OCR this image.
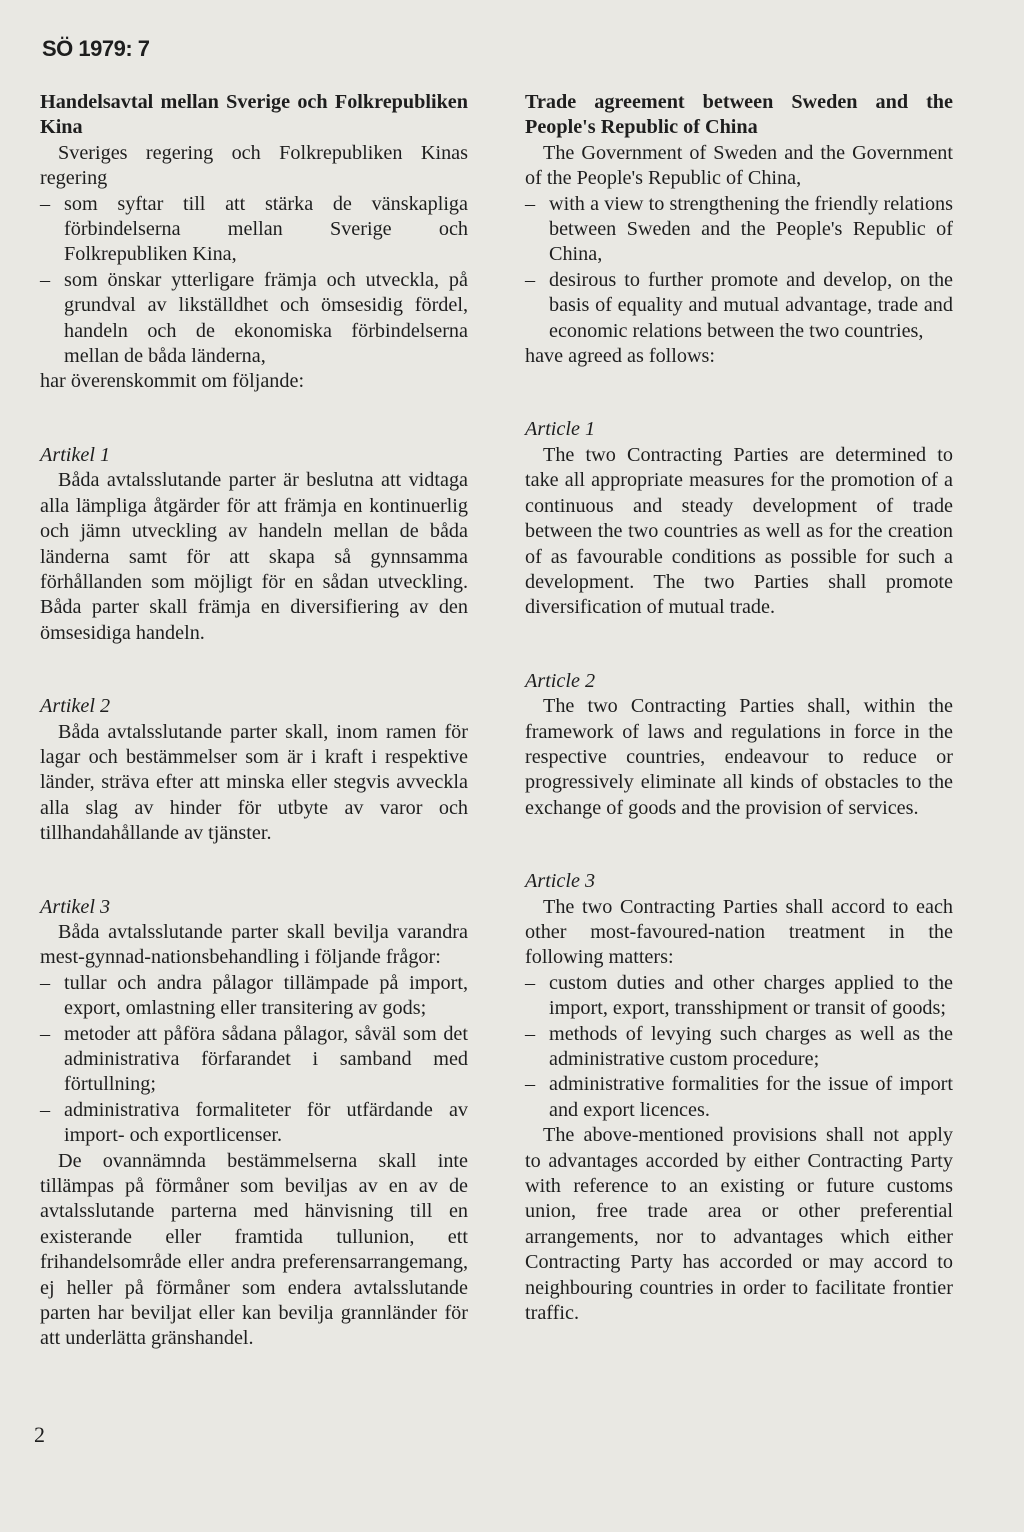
SÖ 1979: 7

Handelsavtal mellan Sverige och Folkrepubliken Kina

Sveriges regering och Folkrepubliken Kinas regering

– som syftar till att stärka de vänskapliga förbindelserna mellan Sverige och Folkrepubliken Kina,

– som önskar ytterligare främja och utveckla, på grundval av likställdhet och ömsesidig fördel, handeln och de ekonomiska förbindelserna mellan de båda länderna,

har överenskommit om följande:

Artikel 1

Båda avtalsslutande parter är beslutna att vidtaga alla lämpliga åtgärder för att främja en kontinuerlig och jämn utveckling av handeln mellan de båda länderna samt för att skapa så gynnsamma förhållanden som möjligt för en sådan utveckling. Båda parter skall främja en diversifiering av den ömsesidiga handeln.

Artikel 2

Båda avtalsslutande parter skall, inom ramen för lagar och bestämmelser som är i kraft i respektive länder, sträva efter att minska eller stegvis avveckla alla slag av hinder för utbyte av varor och tillhandahållande av tjänster.

Artikel 3

Båda avtalsslutande parter skall bevilja varandra mest-gynnad-nationsbehandling i följande frågor:

– tullar och andra pålagor tillämpade på import, export, omlastning eller transitering av gods;

– metoder att påföra sådana pålagor, såväl som det administrativa förfarandet i samband med förtullning;

– administrativa formaliteter för utfärdande av import- och exportlicenser.

De ovannämnda bestämmelserna skall inte tillämpas på förmåner som beviljas av en av de avtalsslutande parterna med hänvisning till en existerande eller framtida tullunion, ett frihandelsområde eller andra preferensarrangemang, ej heller på förmåner som endera avtalsslutande parten har beviljat eller kan bevilja grannländer för att underlätta gränshandel.

Trade agreement between Sweden and the People's Republic of China

The Government of Sweden and the Government of the People's Republic of China,

– with a view to strengthening the friendly relations between Sweden and the People's Republic of China,

– desirous to further promote and develop, on the basis of equality and mutual advantage, trade and economic relations between the two countries,

have agreed as follows:

Article 1

The two Contracting Parties are determined to take all appropriate measures for the promotion of a continuous and steady development of trade between the two countries as well as for the creation of as favourable conditions as possible for such a development. The two Parties shall promote diversification of mutual trade.

Article 2

The two Contracting Parties shall, within the framework of laws and regulations in force in the respective countries, endeavour to reduce or progressively eliminate all kinds of obstacles to the exchange of goods and the provision of services.

Article 3

The two Contracting Parties shall accord to each other most-favoured-nation treatment in the following matters:

– custom duties and other charges applied to the import, export, transshipment or transit of goods;

– methods of levying such charges as well as the administrative custom procedure;

– administrative formalities for the issue of import and export licences.

The above-mentioned provisions shall not apply to advantages accorded by either Contracting Party with reference to an existing or future customs union, free trade area or other preferential arrangements, nor to advantages which either Contracting Party has accorded or may accord to neighbouring countries in order to facilitate frontier traffic.

2
